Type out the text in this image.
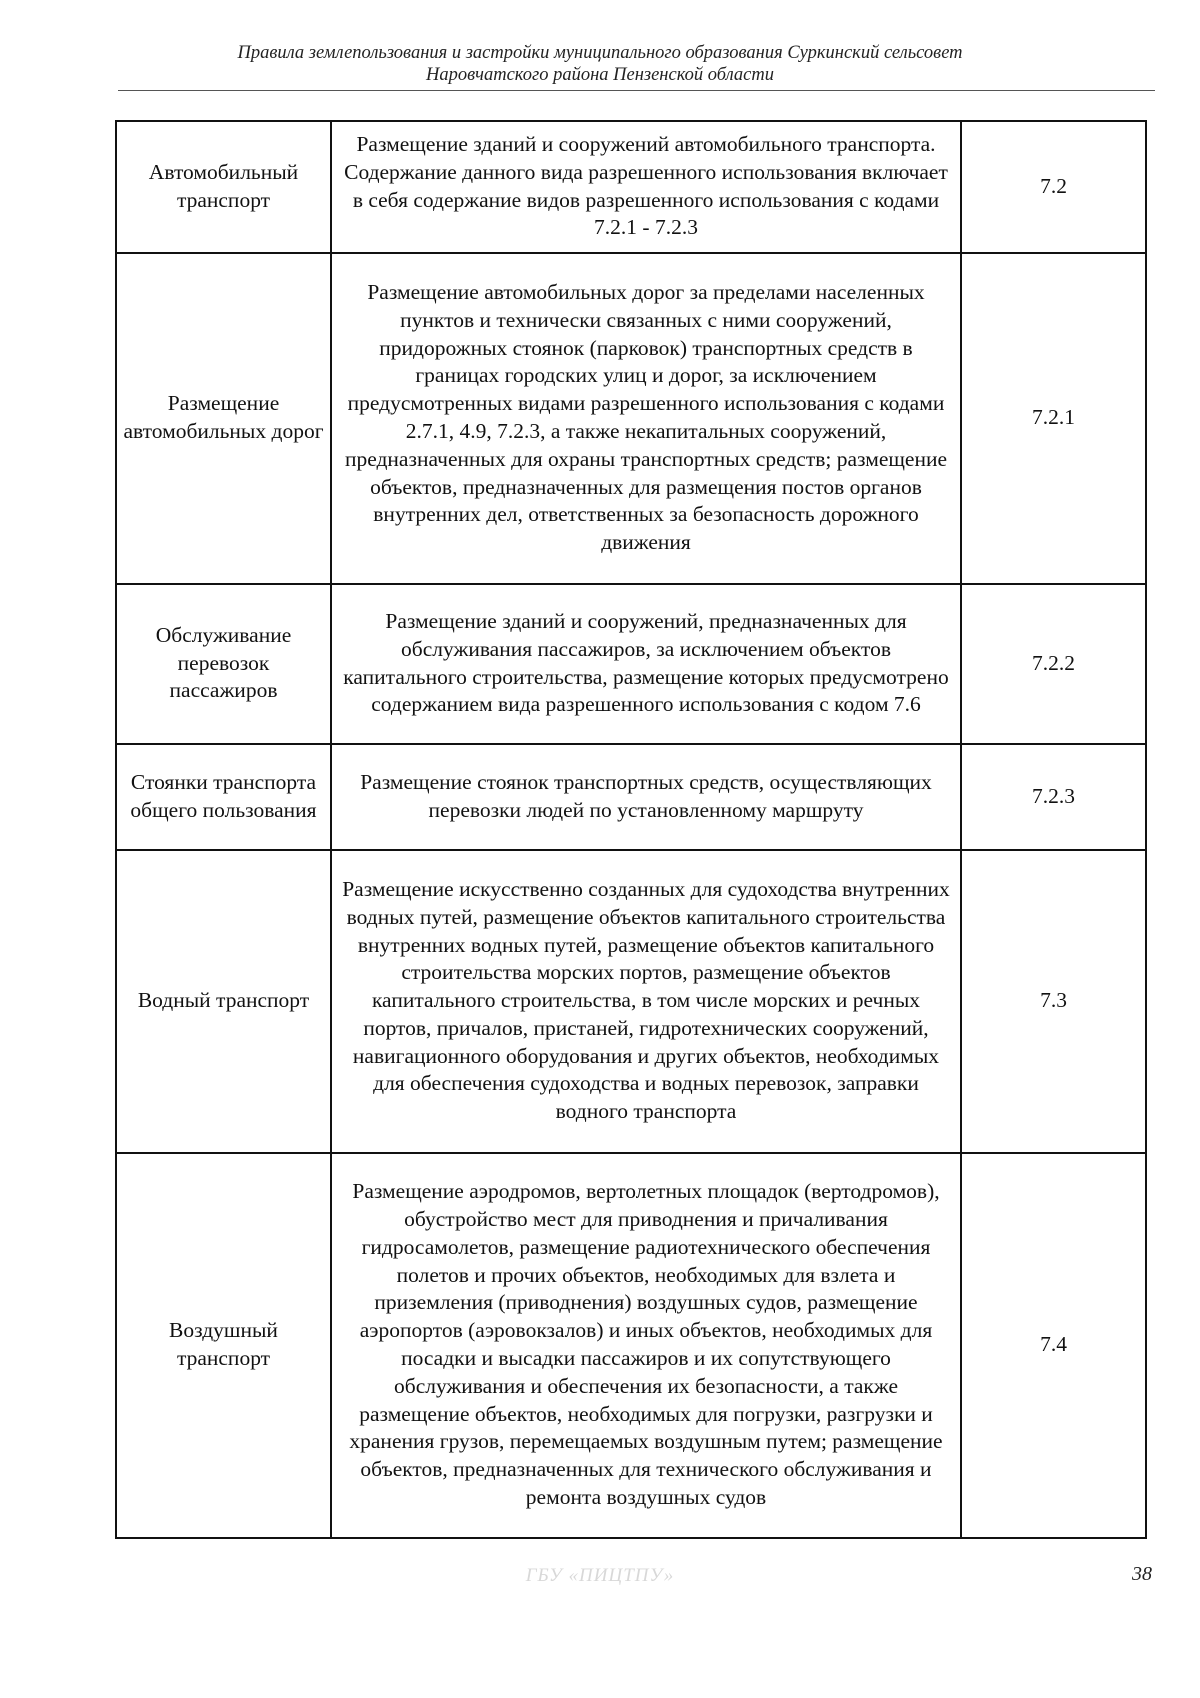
Правила землепользования и застройки муниципального образования Суркинский сельсовет
Наровчатского района Пензенской области
Автомобильный транспорт	Размещение зданий и сооружений автомобильного транспорта. Содержание данного вида разрешенного использования включает в себя содержание видов разрешенного использования с кодами 7.2.1 - 7.2.3	7.2
Размещение автомобильных дорог	Размещение автомобильных дорог за пределами населенных пунктов и технически связанных с ними сооружений, придорожных стоянок (парковок) транспортных средств в границах городских улиц и дорог, за исключением предусмотренных видами разрешенного использования с кодами 2.7.1, 4.9, 7.2.3, а также некапитальных сооружений, предназначенных для охраны транспортных средств; размещение объектов, предназначенных для размещения постов органов внутренних дел, ответственных за безопасность дорожного движения	7.2.1
Обслуживание перевозок пассажиров	Размещение зданий и сооружений, предназначенных для обслуживания пассажиров, за исключением объектов капитального строительства, размещение которых предусмотрено содержанием вида разрешенного использования с кодом 7.6	7.2.2
Стоянки транспорта общего пользования	Размещение стоянок транспортных средств, осуществляющих перевозки людей по установленному маршруту	7.2.3
Водный транспорт	Размещение искусственно созданных для судоходства внутренних водных путей, размещение объектов капитального строительства внутренних водных путей, размещение объектов капитального строительства морских портов, размещение объектов капитального строительства, в том числе морских и речных портов, причалов, пристаней, гидротехнических сооружений, навигационного оборудования и других объектов, необходимых для обеспечения судоходства и водных перевозок, заправки водного транспорта	7.3
Воздушный транспорт	Размещение аэродромов, вертолетных площадок (вертодромов), обустройство мест для приводнения и причаливания гидросамолетов, размещение радиотехнического обеспечения полетов и прочих объектов, необходимых для взлета и приземления (приводнения) воздушных судов, размещение аэропортов (аэровокзалов) и иных объектов, необходимых для посадки и высадки пассажиров и их сопутствующего обслуживания и обеспечения их безопасности, а также размещение объектов, необходимых для погрузки, разгрузки и хранения грузов, перемещаемых воздушным путем; размещение объектов, предназначенных для технического обслуживания и ремонта воздушных судов	7.4
ГБУ «ПИЦТПУ»	38
